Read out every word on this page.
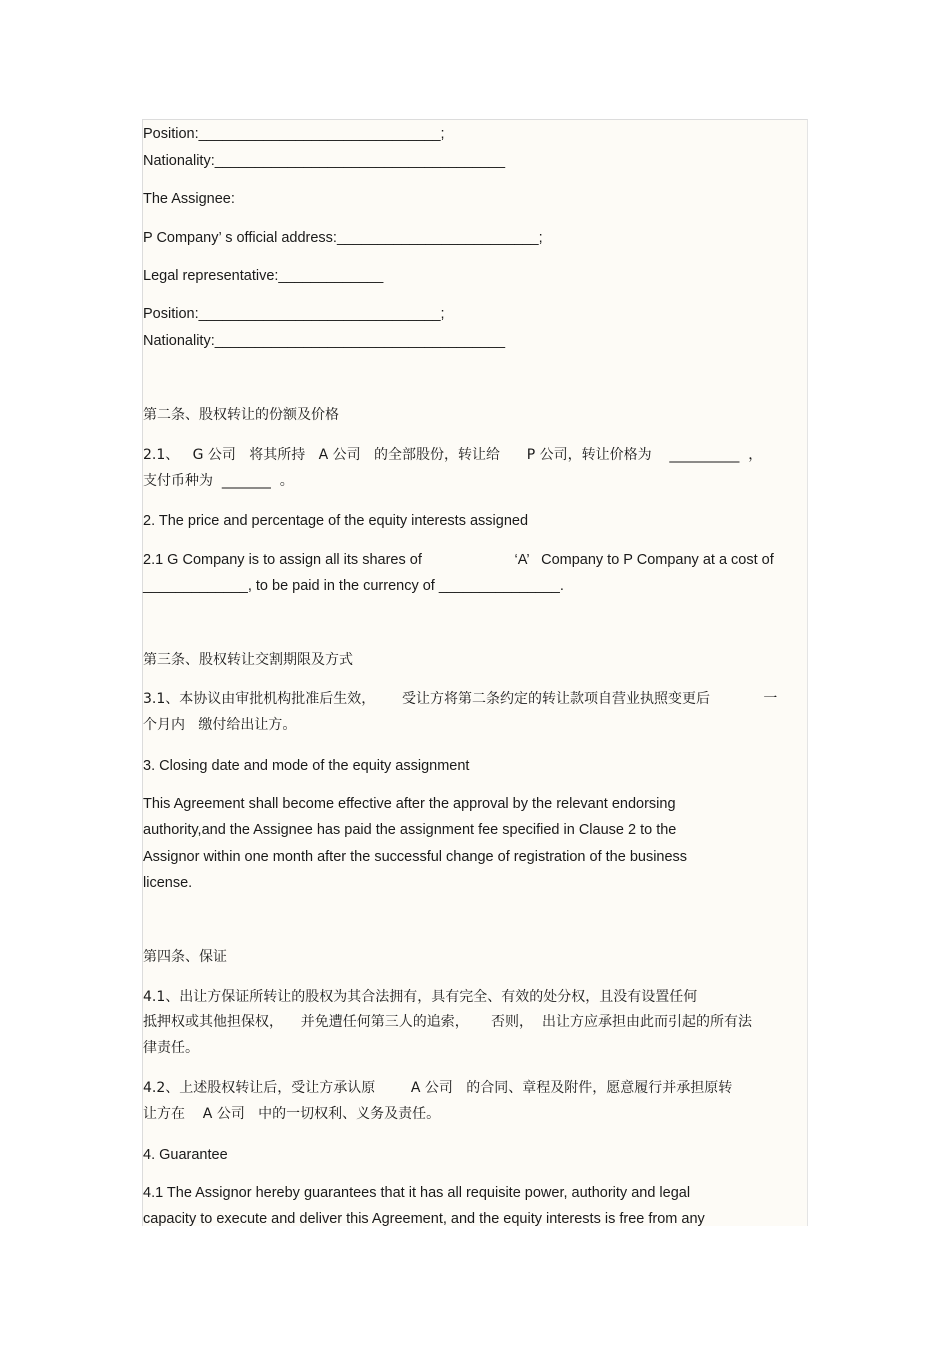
Position:______________________________;

Nationality:____________________________________

The Assignee:

P Company’ s official address:_________________________;

Legal representative:_____________

Position:______________________________;

Nationality:____________________________________

第二条、股权转让的份额及价格

2.1、   G 公司   将其所持   A 公司   的全部股份，转让给      P 公司，转让价格为    __________  ，

支付币种为  _______  。

2. The price and percentage of the equity interests assigned

2.1 G Company is to assign all its shares of                       ‘A’   Company to P Company at a cost of

_____________, to be paid in the currency of _______________.

第三条、股权转让交割期限及方式

3.1、本协议由审批机构批准后生效，      受让方将第二条约定的转让款项自营业执照变更后            一

个月内   缴付给出让方。

3. Closing date and mode of the equity assignment

This Agreement shall become effective after the approval by the relevant endorsing

authority,and the Assignee has paid the assignment fee specified in Clause 2 to the

Assignor within one month after the successful change of registration of the business

license.

第四条、保证

4.1、出让方保证所转让的股权为其合法拥有，具有完全、有效的处分权，且没有设置任何

抵押权或其他担保权，    并免遭任何第三人的追索，     否则，  出让方应承担由此而引起的所有法

律责任。

4.2、上述股权转让后，受让方承认原        A 公司   的合同、章程及附件，愿意履行并承担原转

让方在    A 公司   中的一切权利、义务及责任。

4. Guarantee

4.1 The Assignor hereby guarantees that it has all requisite power, authority and legal

capacity to execute and deliver this Agreement, and the equity interests is free from any
